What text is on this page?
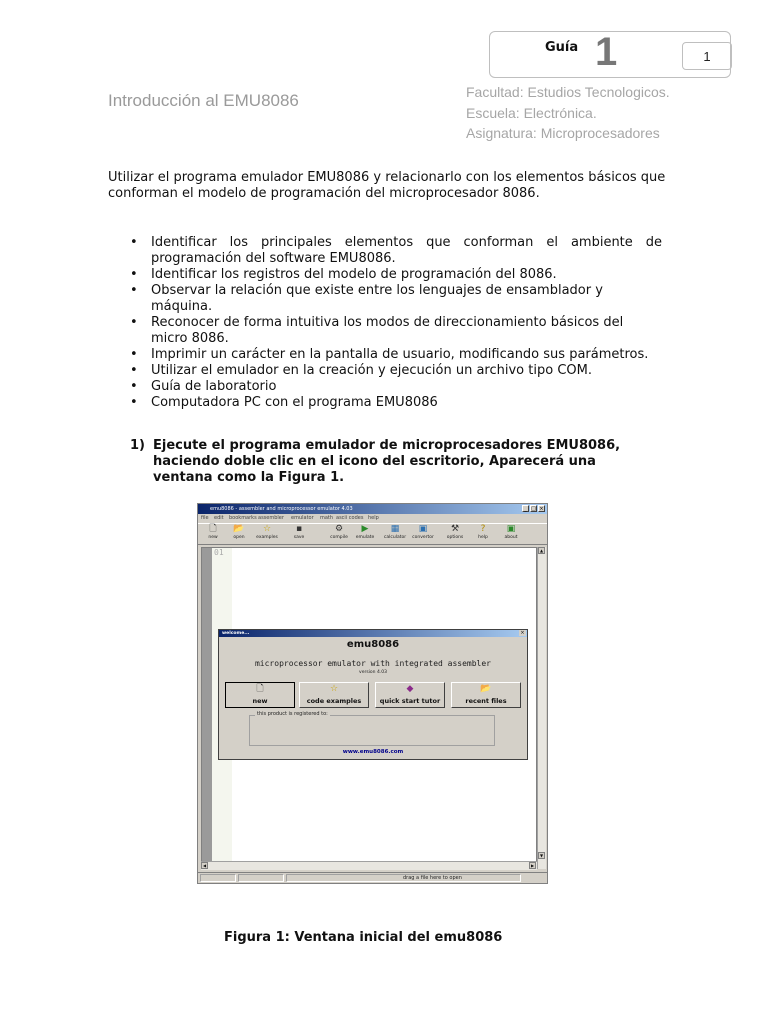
Guía 1	1
Introducción al EMU8086	Facultad: Estudios Tecnologicos.
Escuela: Electrónica.
Asignatura: Microprocesadores
Utilizar el programa emulador EMU8086 y relacionarlo con los elementos básicos que conforman el modelo de programación del microprocesador 8086.
• Identificar los principales elementos que conforman el ambiente de programación del software EMU8086.
• Identificar los registros del modelo de programación del 8086.
• Observar la relación que existe entre los lenguajes de ensamblador y máquina.
• Reconocer de forma intuitiva los modos de direccionamiento básicos del micro 8086.
• Imprimir un carácter en la pantalla de usuario, modificando sus parámetros.
• Utilizar el emulador en la creación y ejecución un archivo tipo COM.
• Guía de laboratorio
• Computadora PC con el programa EMU8086
1) Ejecute el programa emulador de microprocesadores EMU8086, haciendo doble clic en el icono del escritorio, Aparecerá una ventana como la Figura 1.
emu8086 - assembler and microprocessor emulator 4.03	_ □ ×
file edit bookmarks assembler emulator math ascii codes help
🗋
new
📂
open
☆
examples
▪
save
⚙
compile
▶
emulate
▦
calculator
▣
convertor
⚒
options
?
help
▣
about
01	▲
▼
◀	▶
drag a file here to open
welcome...	×
emu8086
microprocessor emulator with integrated assembler
version 4.03
🗋
new
☆
code examples
◆
quick start tutor
📂
recent files
this product is registered to:
www.emu8086.com
Figura 1: Ventana inicial del emu8086
